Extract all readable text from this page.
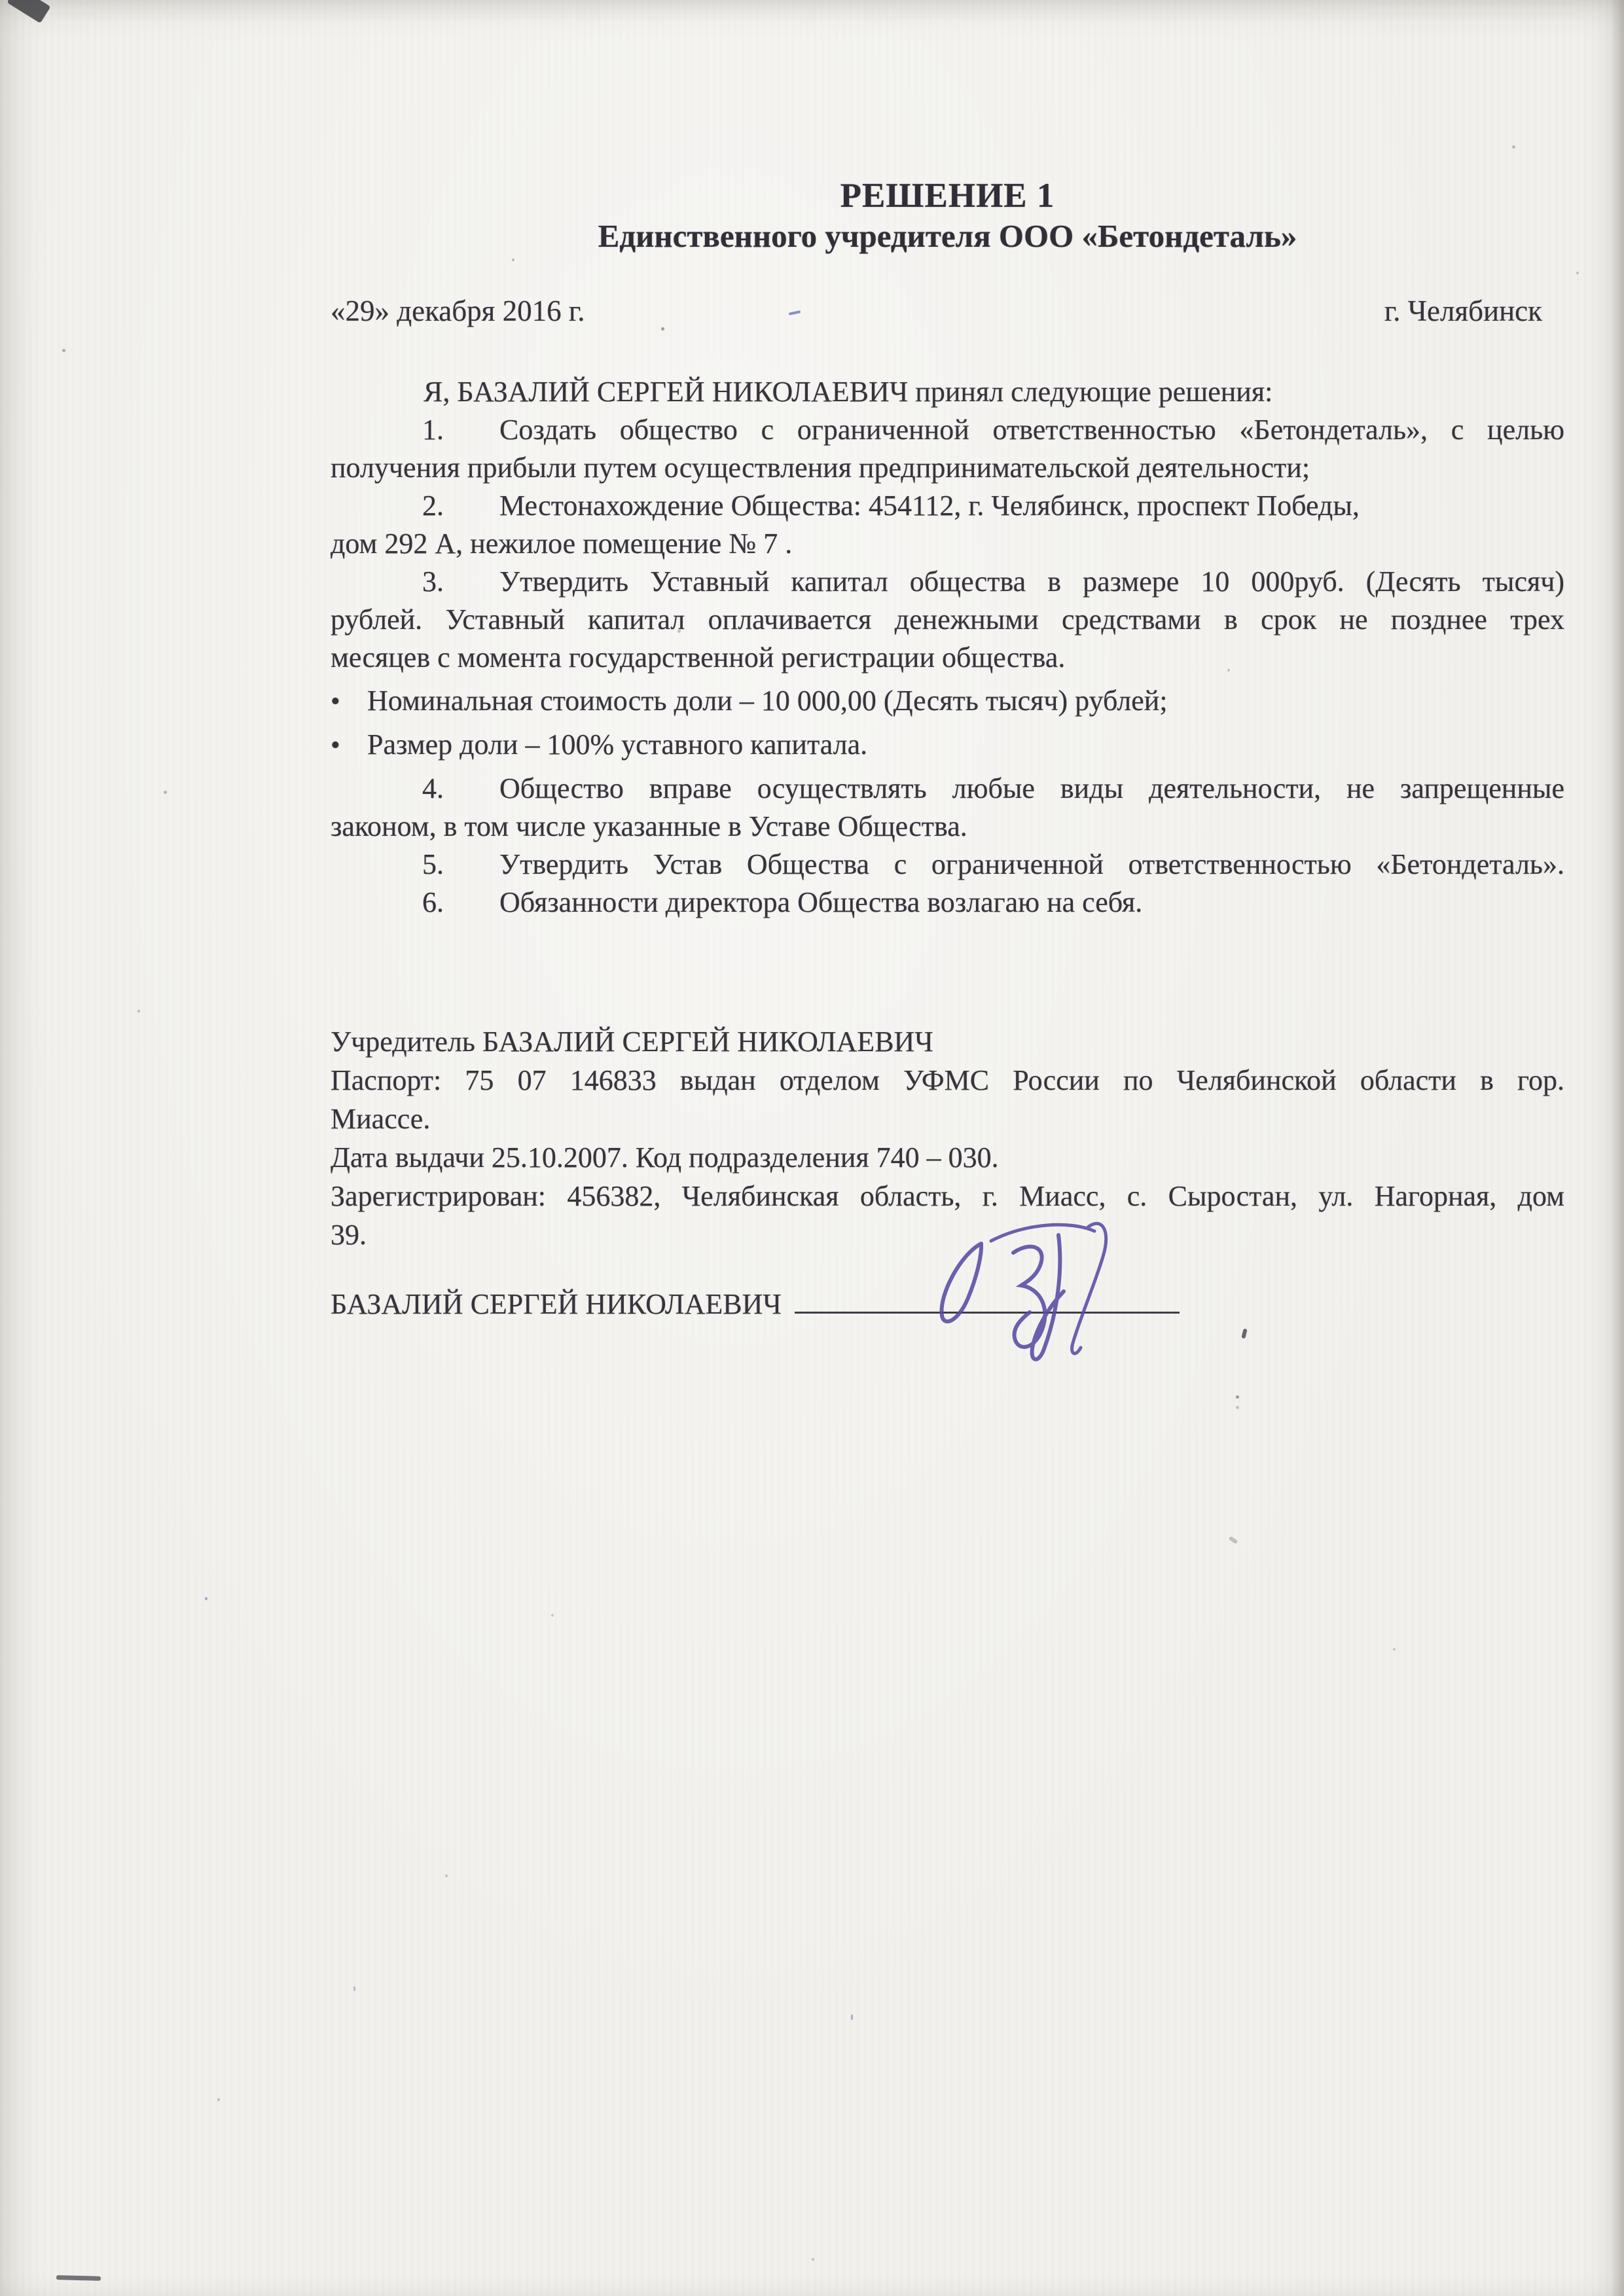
РЕШЕНИЕ 1
Единственного учредителя ООО «Бетондеталь»
«29» декабря 2016 г.	г. Челябинск
Я, БАЗАЛИЙ СЕРГЕЙ НИКОЛАЕВИЧ принял следующие решения:
1. Создать общество с ограниченной ответственностью «Бетондеталь», с целью
получения прибыли путем осуществления предпринимательской деятельности;
2. Местонахождение Общества: 454112, г. Челябинск, проспект Победы,
дом 292 А, нежилое помещение № 7 .
3. Утвердить Уставный капитал общества в размере 10 000руб. (Десять тысяч)
рублей. Уставный капитал оплачивается денежными средствами в срок не позднее трех
месяцев с момента государственной регистрации общества.
• Номинальная стоимость доли – 10 000,00 (Десять тысяч) рублей;
• Размер доли – 100% уставного капитала.
4. Общество вправе осуществлять любые виды деятельности, не запрещенные
законом, в том числе указанные в Уставе Общества.
5. Утвердить Устав Общества с ограниченной ответственностью «Бетондеталь».
6. Обязанности директора Общества возлагаю на себя.
Учредитель БАЗАЛИЙ СЕРГЕЙ НИКОЛАЕВИЧ
Паспорт: 75 07 146833 выдан отделом УФМС России по Челябинской области в гор.
Миассе.
Дата выдачи 25.10.2007. Код подразделения 740 – 030.
Зарегистрирован: 456382, Челябинская область, г. Миасс, с. Сыростан, ул. Нагорная, дом
39.
БАЗАЛИЙ СЕРГЕЙ НИКОЛАЕВИЧ
